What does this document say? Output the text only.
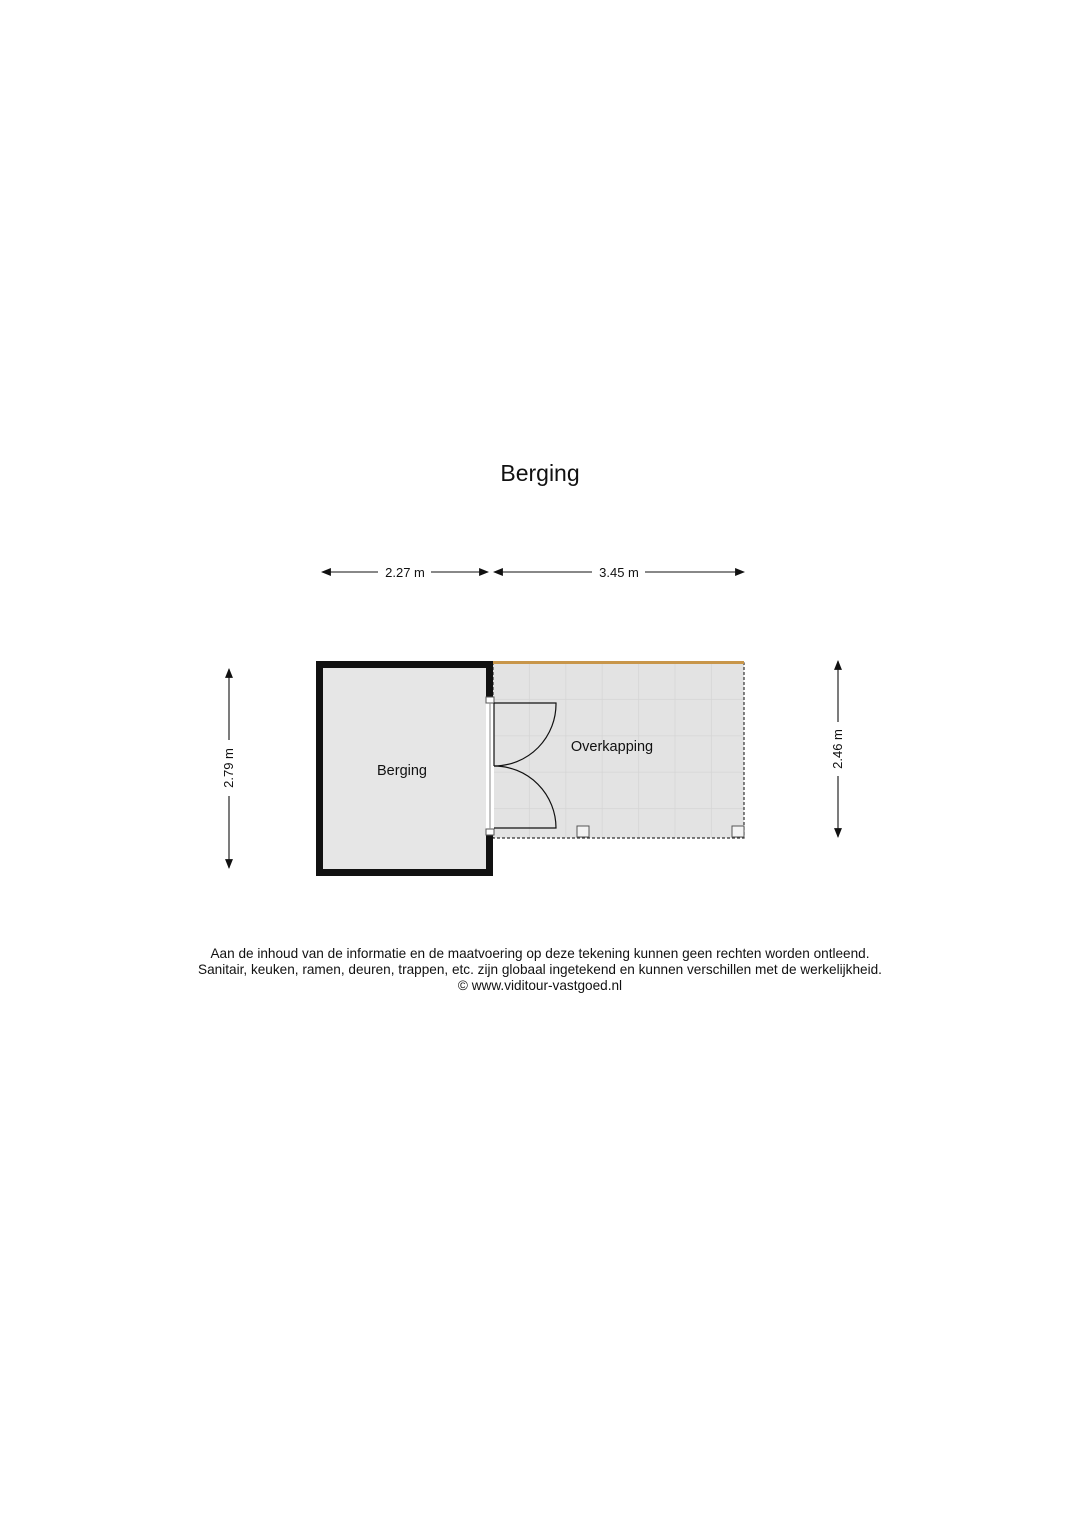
Berging
Berging
Overkapping
2.27 m	3.45 m
2.79 m	2.46 m
Aan de inhoud van de informatie en de maatvoering op deze tekening kunnen geen rechten worden ontleend.
Sanitair, keuken, ramen, deuren, trappen, etc. zijn globaal ingetekend en kunnen verschillen met de werkelijkheid.
© www.viditour-vastgoed.nl
